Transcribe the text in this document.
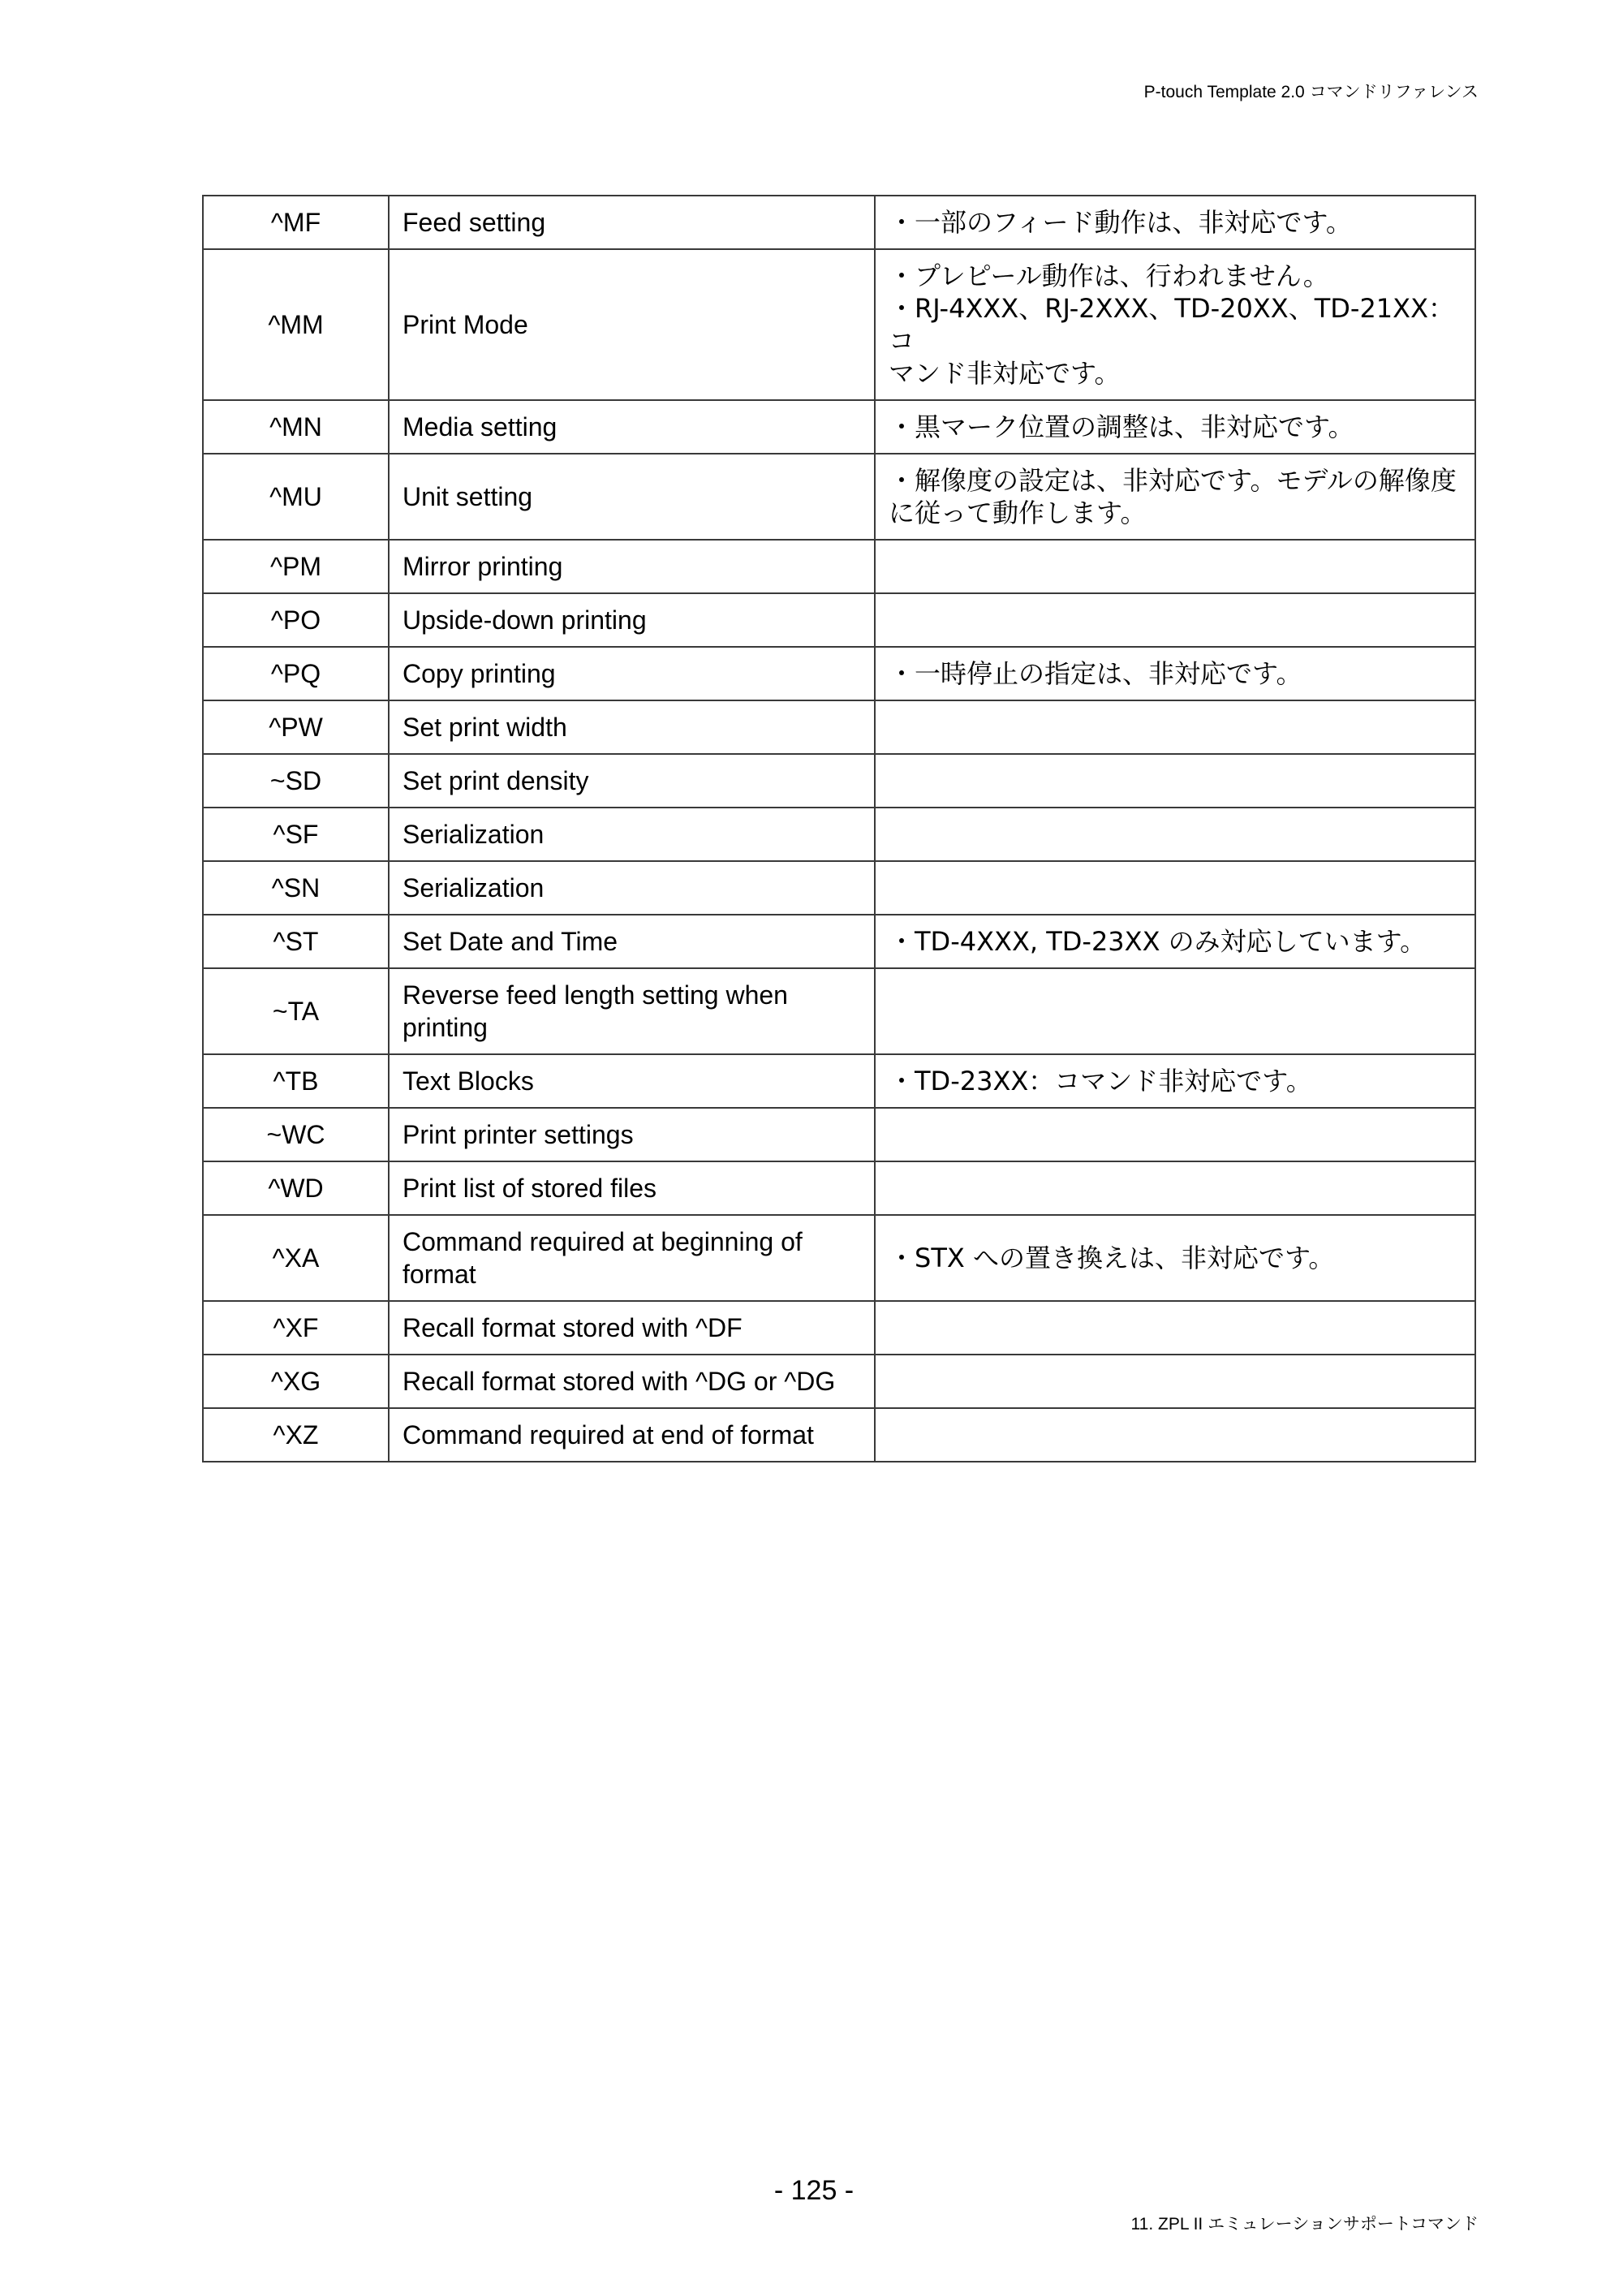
P-touch Template 2.0 コマンドリファレンス
^MF	Feed setting	・一部のフィード動作は、非対応です。

^MM	Print Mode	・プレピール動作は、行われません。
・RJ-4XXX、RJ-2XXX、TD-20XX、TD-21XX：コ
マンド非対応です。

^MN	Media setting	・黒マーク位置の調整は、非対応です。

^MU	Unit setting	・解像度の設定は、非対応です。モデルの解像度
に従って動作します。

^PM	Mirror printing	
^PO	Upside-down printing	
^PQ	Copy printing	・一時停止の指定は、非対応です。

^PW	Set print width	
~SD	Set print density	
^SF	Serialization	
^SN	Serialization	
^ST	Set Date and Time	・TD-4XXX, TD-23XX のみ対応しています。

~TA	Reverse feed length setting when printing	
^TB	Text Blocks	・TD-23XX：コマンド非対応です。

~WC	Print printer settings	
^WD	Print list of stored files	
^XA	Command required at beginning of format	・STX への置き換えは、非対応です。

^XF	Recall format stored with ^DF	
^XG	Recall format stored with ^DG or ^DG	
^XZ	Command required at end of format	
- 125 -
11. ZPL II エミュレーションサポートコマンド
